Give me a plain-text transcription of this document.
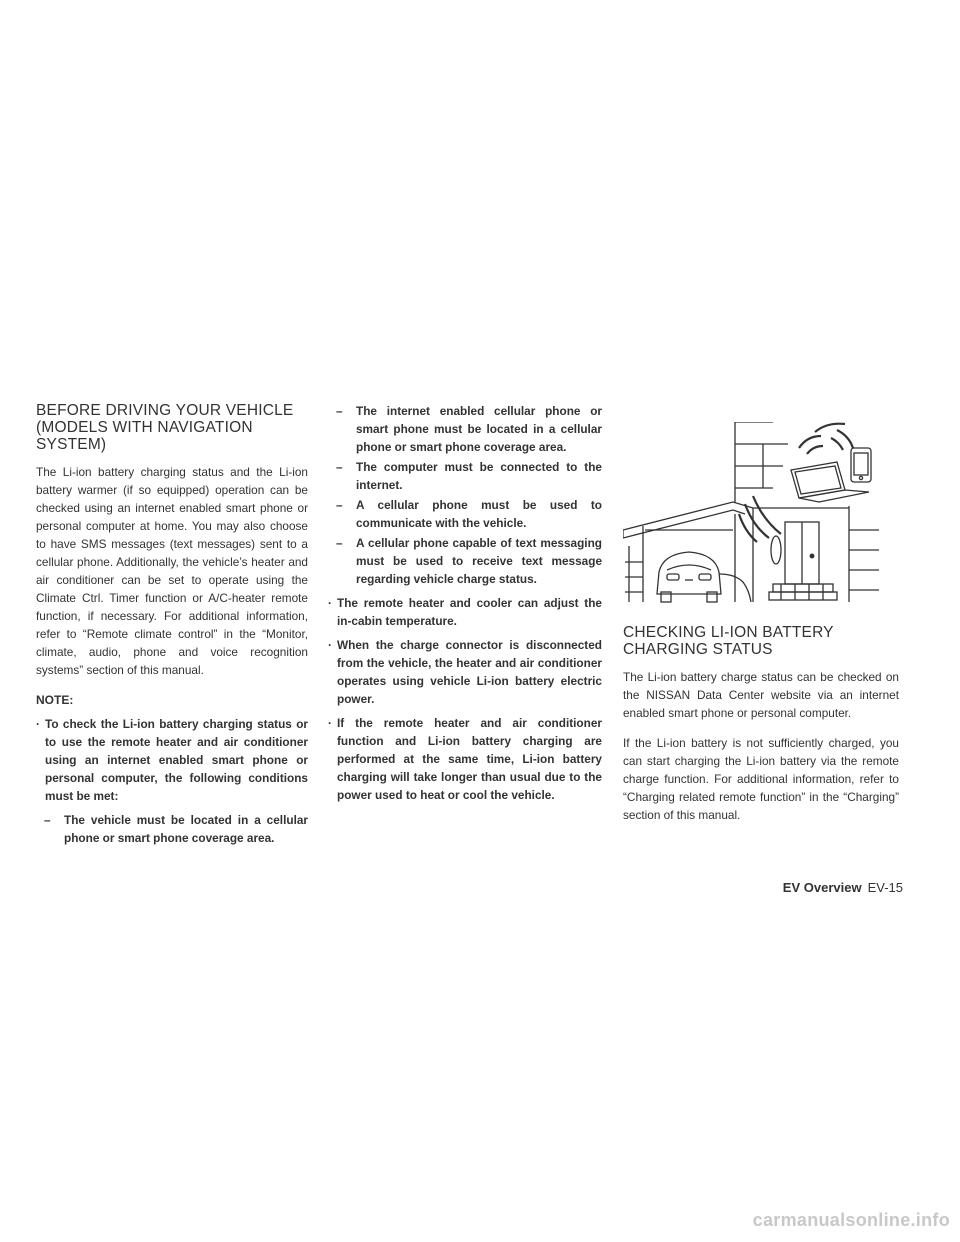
BEFORE DRIVING YOUR VEHICLE (MODELS WITH NAVIGATION SYSTEM)

The Li-ion battery charging status and the Li-ion battery warmer (if so equipped) operation can be checked using an internet enabled smart phone or personal computer at home. You may also choose to have SMS messages (text messages) sent to a cellular phone. Additionally, the vehicle’s heater and air conditioner can be set to operate using the Climate Ctrl. Timer function or A/C-heater remote function, if necessary. For additional information, refer to “Remote climate control” in the “Monitor, climate, audio, phone and voice recognition systems” section of this manual.

NOTE:
· To check the Li-ion battery charging status or to use the remote heater and air conditioner using an internet enabled smart phone or personal computer, the following conditions must be met:
– The vehicle must be located in a cellular phone or smart phone coverage area.
– The internet enabled cellular phone or smart phone must be located in a cellular phone or smart phone coverage area.
– The computer must be connected to the internet.
– A cellular phone must be used to communicate with the vehicle.
– A cellular phone capable of text messaging must be used to receive text message regarding vehicle charge status.
· The remote heater and cooler can adjust the in-cabin temperature.
· When the charge connector is disconnected from the vehicle, the heater and air conditioner operates using vehicle Li-ion battery electric power.
· If the remote heater and air conditioner function and Li-ion battery charging are performed at the same time, Li-ion battery charging will take longer than usual due to the power used to heat or cool the vehicle.
CHECKING LI-ION BATTERY CHARGING STATUS

The Li-ion battery charge status can be checked on the NISSAN Data Center website via an internet enabled smart phone or personal computer.

If the Li-ion battery is not sufficiently charged, you can start charging the Li-ion battery via the remote charge function. For additional information, refer to “Charging related remote function” in the “Charging” section of this manual.

EV Overview EV-15
carmanualsonline.info
